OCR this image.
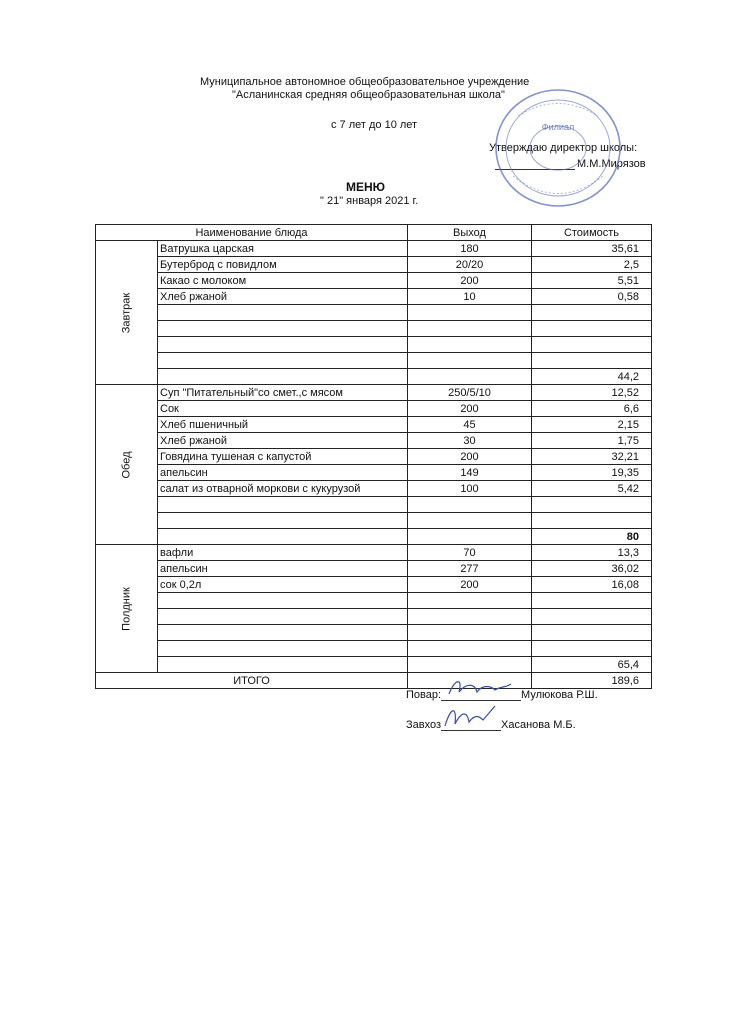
Муниципальное автономное общеобразовательное учреждение
"Асланинская средняя общеобразовательная школа"
с 7 лет до 10 лет
Утверждаю директор школы:
М.М.Мирязов
МЕНЮ
" 21" января 2021 г.
Филиал
Наименование блюда		Выход	Стоимость

Завтрак	Ватрушка царская	180	35,61
	Бутерброд с повидлом	20/20	2,5
	Какао с молоком	200	5,51
	Хлеб ржаной	10	0,58

			44,2

Обед	Суп "Питательный"со смет.,с мясом	250/5/10	12,52
	Сок	200	6,6
	Хлеб пшеничный	45	2,15
	Хлеб ржаной	30	1,75
	Говядина тушеная с капустой	200	32,21
	апельсин	149	19,35
	салат из отварной моркови с кукурузой	100	5,42

			80

Полдник	вафли	70	13,3
	апельсин	277	36,02
	сок 0,2л	200	16,08

			65,4
ИТОГО			189,6
Повар:	Мулюкова Р.Ш.
Завхоз	Хасанова М.Б.
